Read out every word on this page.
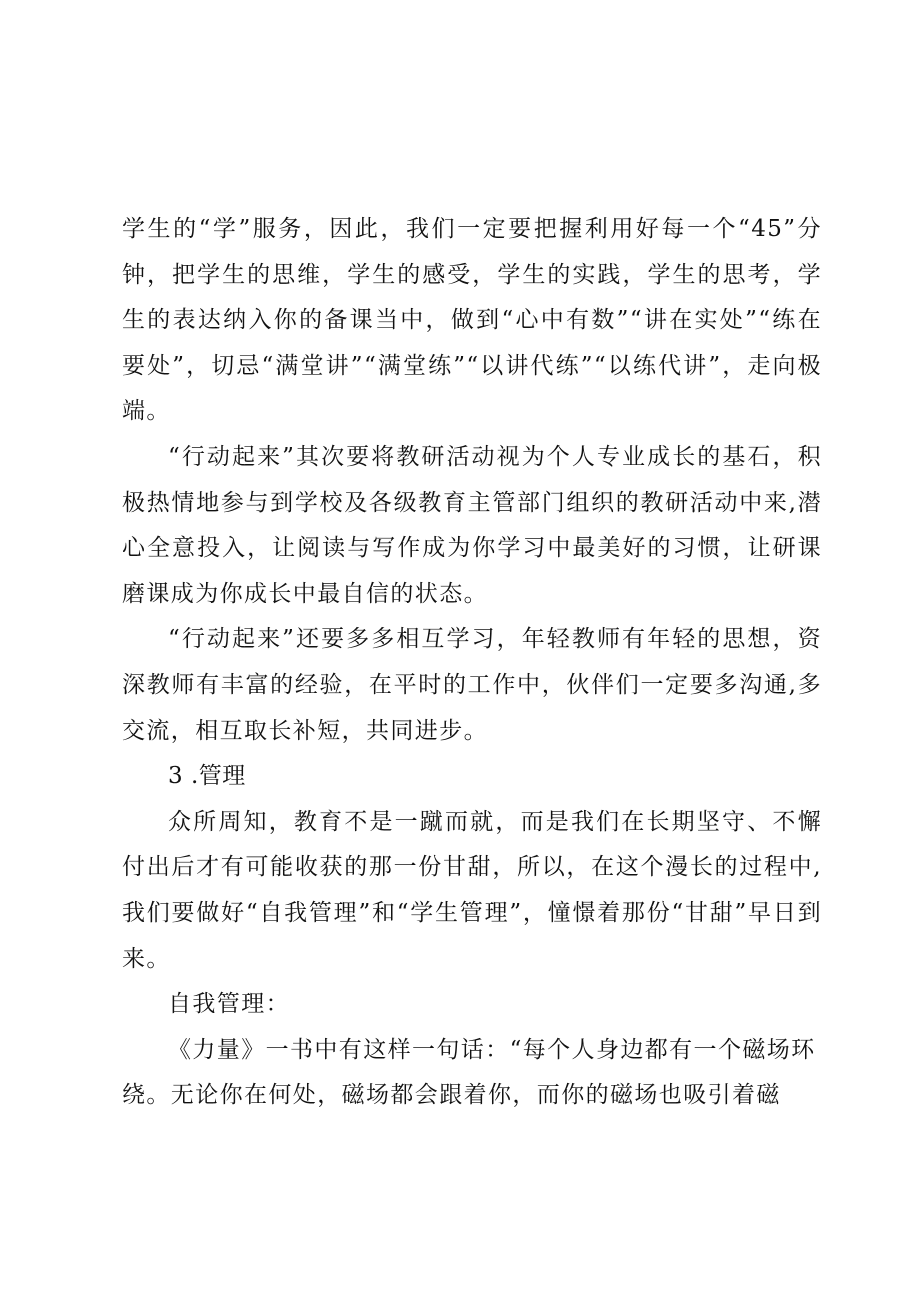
学生的“学”服务，因此，我们一定要把握利用好每一个“45”分钟，把学生的思维，学生的感受，学生的实践，学生的思考，学生的表达纳入你的备课当中，做到“心中有数”“讲在实处”“练在要处”，切忌“满堂讲”“满堂练”“以讲代练”“以练代讲”，走向极端。

“行动起来”其次要将教研活动视为个人专业成长的基石，积极热情地参与到学校及各级教育主管部门组织的教研活动中来,潜心全意投入，让阅读与写作成为你学习中最美好的习惯，让研课磨课成为你成长中最自信的状态。

“行动起来”还要多多相互学习，年轻教师有年轻的思想，资深教师有丰富的经验，在平时的工作中，伙伴们一定要多沟通,多交流，相互取长补短，共同进步。

3 .管理

众所周知，教育不是一蹴而就，而是我们在长期坚守、不懈付出后才有可能收获的那一份甘甜，所以，在这个漫长的过程中,我们要做好“自我管理”和“学生管理”，憧憬着那份“甘甜”早日到来。

自我管理：

《力量》一书中有这样一句话：“每个人身边都有一个磁场环绕。无论你在何处，磁场都会跟着你，而你的磁场也吸引着磁
